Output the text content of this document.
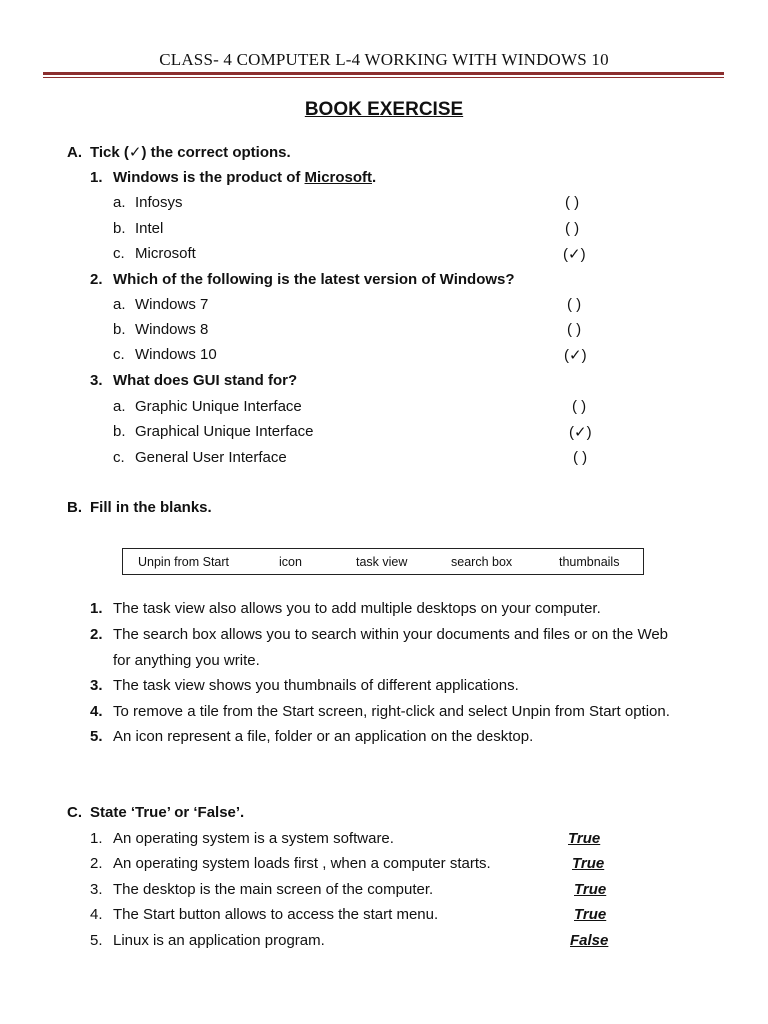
CLASS- 4 COMPUTER L-4 WORKING WITH WINDOWS 10
BOOK EXERCISE
A. Tick (✓) the correct options.
1. Windows is the product of Microsoft.
a. Infosys	( )
b. Intel	( )
c. Microsoft	(✓)
2. Which of the following is the latest version of Windows?
a. Windows 7	( )
b. Windows 8	( )
c. Windows 10	(✓)
3. What does GUI stand for?
a. Graphic Unique Interface	( )
b. Graphical Unique Interface	(✓)
c. General User Interface	( )
B. Fill in the blanks.
Unpin from Start	icon	task view	search box	thumbnails
1. The task view also allows you to add multiple desktops on your computer.
2. The search box allows you to search within your documents and files or on the Web
for anything you write.
3. The task view shows you thumbnails of different applications.
4. To remove a tile from the Start screen, right-click and select Unpin from Start option.
5. An icon represent a file, folder or an application on the desktop.
C. State ‘True’ or ‘False’.
1. An operating system is a system software.	True
2. An operating system loads first , when a computer starts.	True
3. The desktop is the main screen of the computer.	True
4. The Start button allows to access the start menu.	True
5. Linux is an application program.	False
